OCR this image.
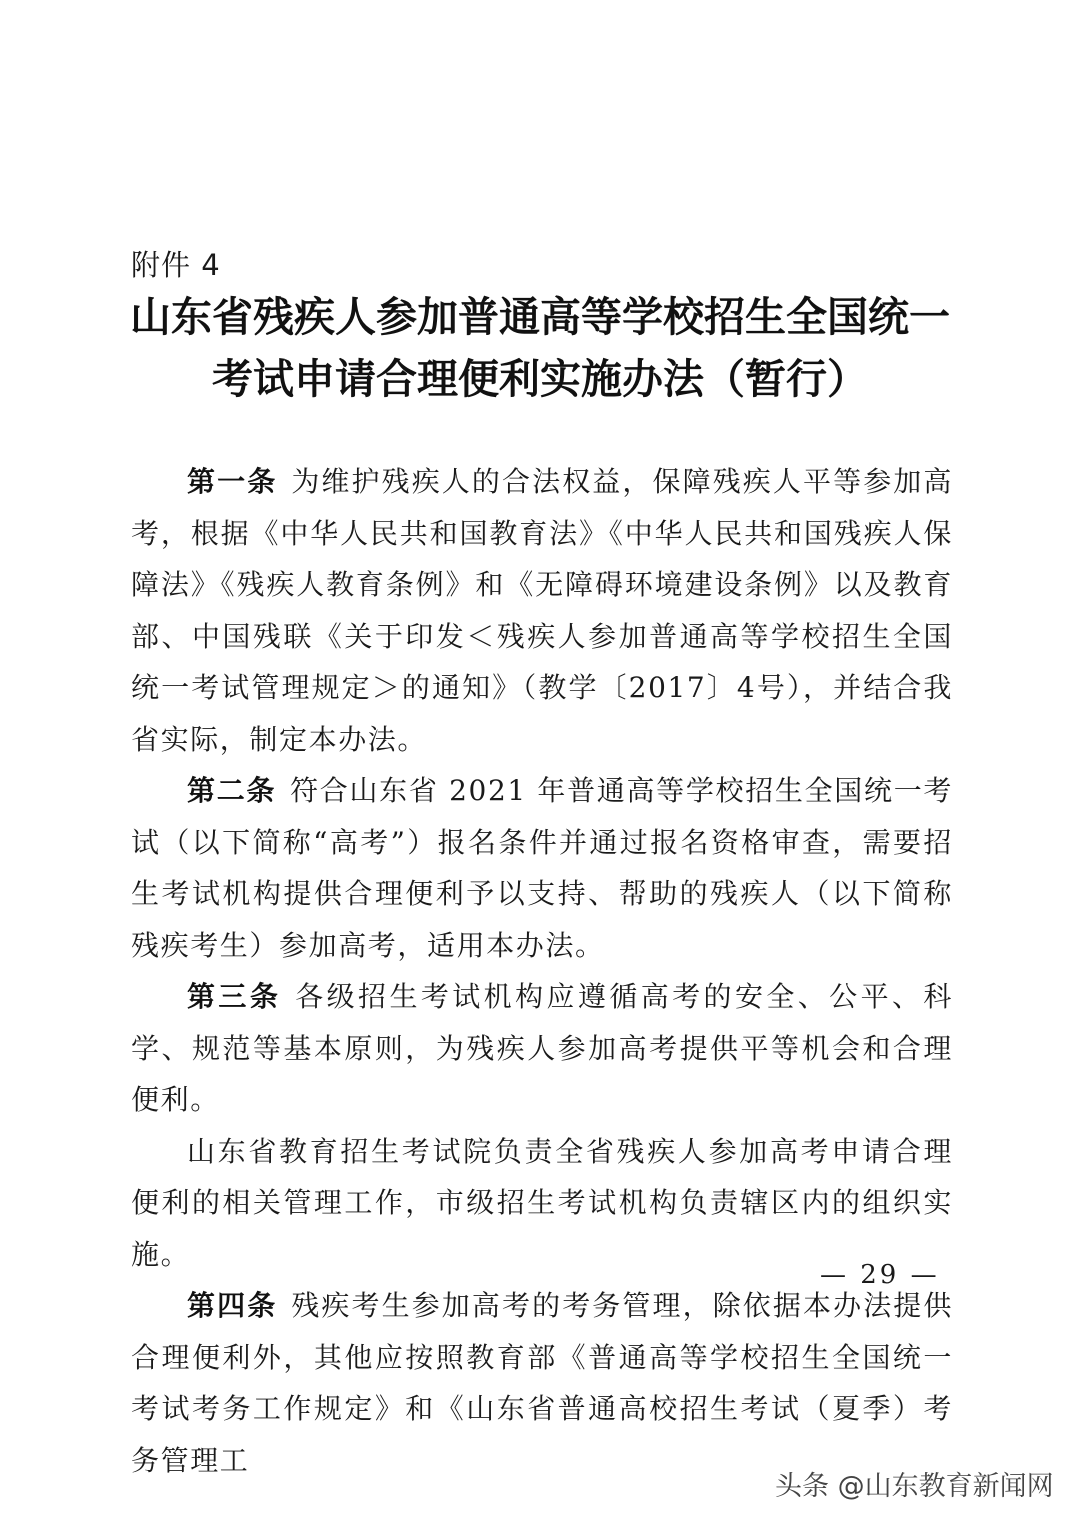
附件 4
山东省残疾人参加普通高等学校招生全国统一
考试申请合理便利实施办法（暂行）

第一条 为维护残疾人的合法权益，保障残疾人平等参加高考，根据《中华人民共和国教育法》《中华人民共和国残疾人保障法》《残疾人教育条例》和《无障碍环境建设条例》以及教育部、中国残联《关于印发＜残疾人参加普通高等学校招生全国统一考试管理规定＞的通知》（教学〔2017〕4号），并结合我省实际，制定本办法。

第二条 符合山东省 2021 年普通高等学校招生全国统一考试（以下简称“高考”）报名条件并通过报名资格审查，需要招生考试机构提供合理便利予以支持、帮助的残疾人（以下简称残疾考生）参加高考，适用本办法。

第三条 各级招生考试机构应遵循高考的安全、公平、科学、规范等基本原则，为残疾人参加高考提供平等机会和合理便利。

山东省教育招生考试院负责全省残疾人参加高考申请合理便利的相关管理工作，市级招生考试机构负责辖区内的组织实施。

第四条 残疾考生参加高考的考务管理，除依据本办法提供合理便利外，其他应按照教育部《普通高等学校招生全国统一考试考务工作规定》和《山东省普通高校招生考试（夏季）考务管理工

— 29 —
头条 @山东教育新闻网
